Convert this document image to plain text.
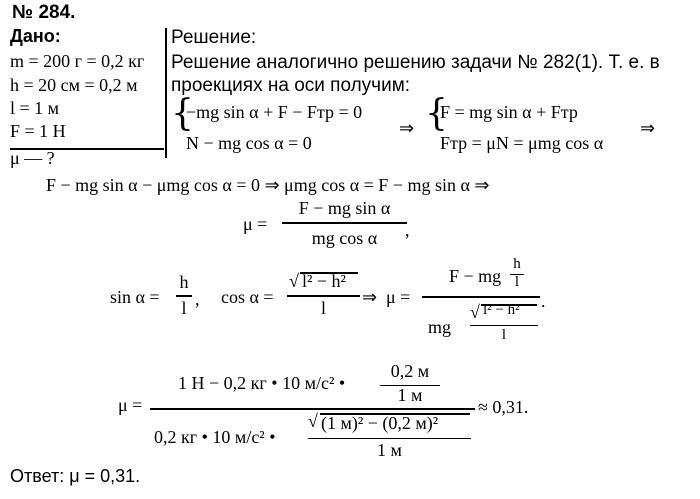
№ 284.
Дано:
m = 200 г = 0,2 кг
h = 20 см = 0,2 м
l = 1 м
F = 1 Н
μ — ?
Решение:
Решение аналогично решению задачи № 282(1). Т. е. в
проекциях на оси получим:
{
−mg sin α + F − Fтр = 0
N − mg cos α = 0
⇒ {
F = mg sin α + Fтр
Fтр = μN = μmg cos α
⇒
F − mg sin α − μmg cos α = 0 ⇒ μmg cos α = F − mg sin α ⇒
μ =
F − mg sin α
mg cos α	,
sin α =
h
l , cos α =
√ l² − h²
l
⇒ μ =
F − mg
h
l
.
mg
√ l² − h²
l
μ =
1 Н − 0,2 кг • 10 м/с² •
0,2 м
1 м
≈ 0,31.
0,2 кг • 10 м/с² •
√ (1 м)² − (0,2 м)²
1 м
Ответ: μ = 0,31.
